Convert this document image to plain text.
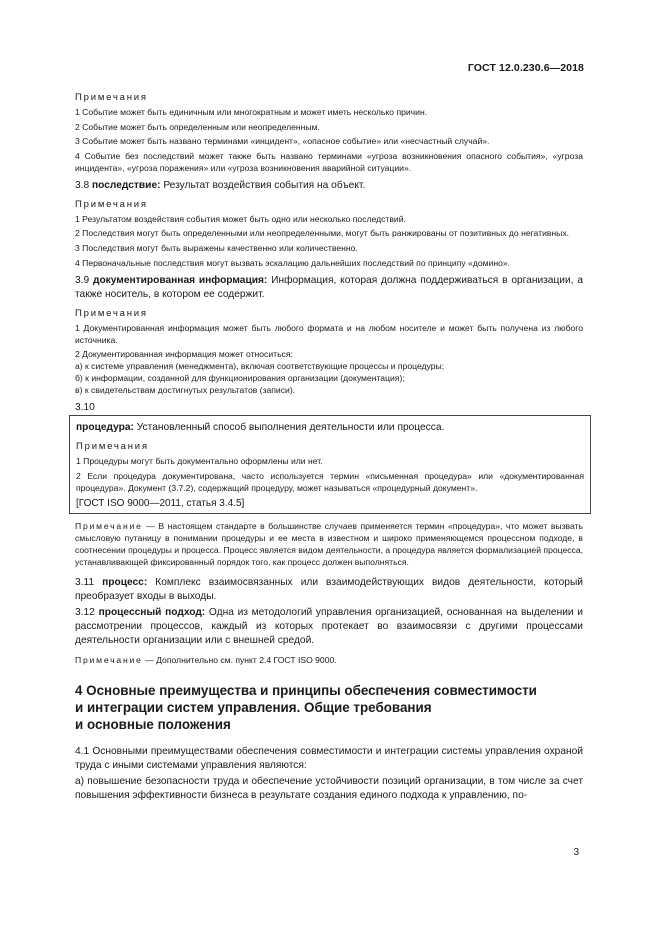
ГОСТ 12.0.230.6—2018
Примечания

1 Событие может быть единичным или многократным и может иметь несколько причин.

2 Событие может быть определенным или неопределенным.

3 Событие может быть названо терминами «инцидент», «опасное событие» или «несчастный случай».

4 Событие без последствий может также быть названо терминами «угроза возникновения опасного события», «угроза инцидента», «угроза поражения» или «угроза возникновения аварийной ситуации».

3.8 последствие: Результат воздействия события на объект.

Примечания

1 Результатом воздействия события может быть одно или несколько последствий.

2 Последствия могут быть определенными или неопределенными, могут быть ранжированы от позитивных до негативных.

3 Последствия могут быть выражены качественно или количественно.

4 Первоначальные последствия могут вызвать эскалацию дальнейших последствий по принципу «домино».

3.9 документированная информация: Информация, которая должна поддерживаться в организации, а также носитель, в котором ее содержит.

Примечания

1 Документированная информация может быть любого формата и на любом носителе и может быть получена из любого источника.

2 Документированная информация может относиться:

а) к системе управления (менеджмента), включая соответствующие процессы и процедуры;

б) к информации, созданной для функционирования организации (документация);

в) к свидетельствам достигнутых результатов (записи).

3.10

процедура: Установленный способ выполнения деятельности или процесса.

Примечания

1 Процедуры могут быть документально оформлены или нет.

2 Если процедура документирована, часто используется термин «письменная процедура» или «документированная процедура». Документ (3.7.2), содержащий процедуру, может называться «процедурный документ».

[ГОСТ ISO 9000—2011, статья 3.4.5]

Примечание — В настоящем стандарте в большинстве случаев применяется термин «процедура», что может вызвать смысловую путаницу в понимании процедуры и ее места в известном и широко применяющемся процессном подходе, в соотнесении процедуры и процесса. Процесс является видом деятельности, а процедура является формализацией процесса, устанавливающей фиксированный порядок того, как процесс должен выполняться.

3.11 процесс: Комплекс взаимосвязанных или взаимодействующих видов деятельности, который преобразует входы в выходы.

3.12 процессный подход: Одна из методологий управления организацией, основанная на выделении и рассмотрении процессов, каждый из которых протекает во взаимосвязи с другими процессами деятельности организации или с внешней средой.

Примечание — Дополнительно см. пункт 2.4 ГОСТ ISO 9000.

4 Основные преимущества и принципы обеспечения совместимости
и интеграции систем управления. Общие требования
и основные положения

4.1 Основными преимуществами обеспечения совместимости и интеграции системы управления охраной труда с иными системами управления являются:

а) повышение безопасности труда и обеспечение устойчивости позиций организации, в том числе за счет повышения эффективности бизнеса в результате создания единого подхода к управлению, по-

3
